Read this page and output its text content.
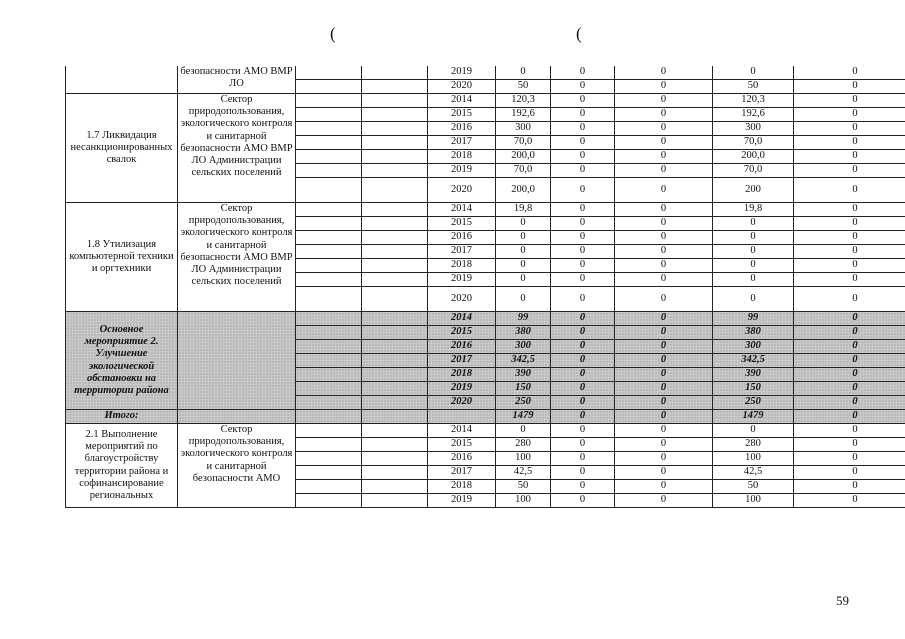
(	(
	безопасности АМО ВМР ЛО			2019	0	0	0	0	0
				2020	50	0	0	50	0
1.7 Ликвидация несанкционированных свалок	Сектор природопользования, экологического контроля и санитарной безопасности АМО ВМР ЛО Администрации сельских поселений			2014	120,3	0	0	120,3	0
				2015	192,6	0	0	192,6	0
				2016	300	0	0	300	0
				2017	70,0	0	0	70,0	0
				2018	200,0	0	0	200,0	0
				2019	70,0	0	0	70,0	0
				2020	200,0	0	0	200	0
1.8 Утилизация компьютерной техники и оргтехники	Сектор природопользования, экологического контроля и санитарной безопасности АМО ВМР ЛО Администрации сельских поселений			2014	19,8	0	0	19,8	0
				2015	0	0	0	0	0
				2016	0	0	0	0	0
				2017	0	0	0	0	0
				2018	0	0	0	0	0
				2019	0	0	0	0	0
				2020	0	0	0	0	0
Основное мероприятие 2. Улучшение экологической обстановки на территории района				2014	99	0	0	99	0
				2015	380	0	0	380	0
				2016	300	0	0	300	0
				2017	342,5	0	0	342,5	0
				2018	390	0	0	390	0
				2019	150	0	0	150	0
				2020	250	0	0	250	0
Итого:					1479	0	0	1479	0
2.1 Выполнение мероприятий по благоустройству территории района и софинансирование региональных	Сектор природопользования, экологического контроля и санитарной безопасности АМО			2014	0	0	0	0	0
				2015	280	0	0	280	0
				2016	100	0	0	100	0
				2017	42,5	0	0	42,5	0
				2018	50	0	0	50	0
				2019	100	0	0	100	0
59
